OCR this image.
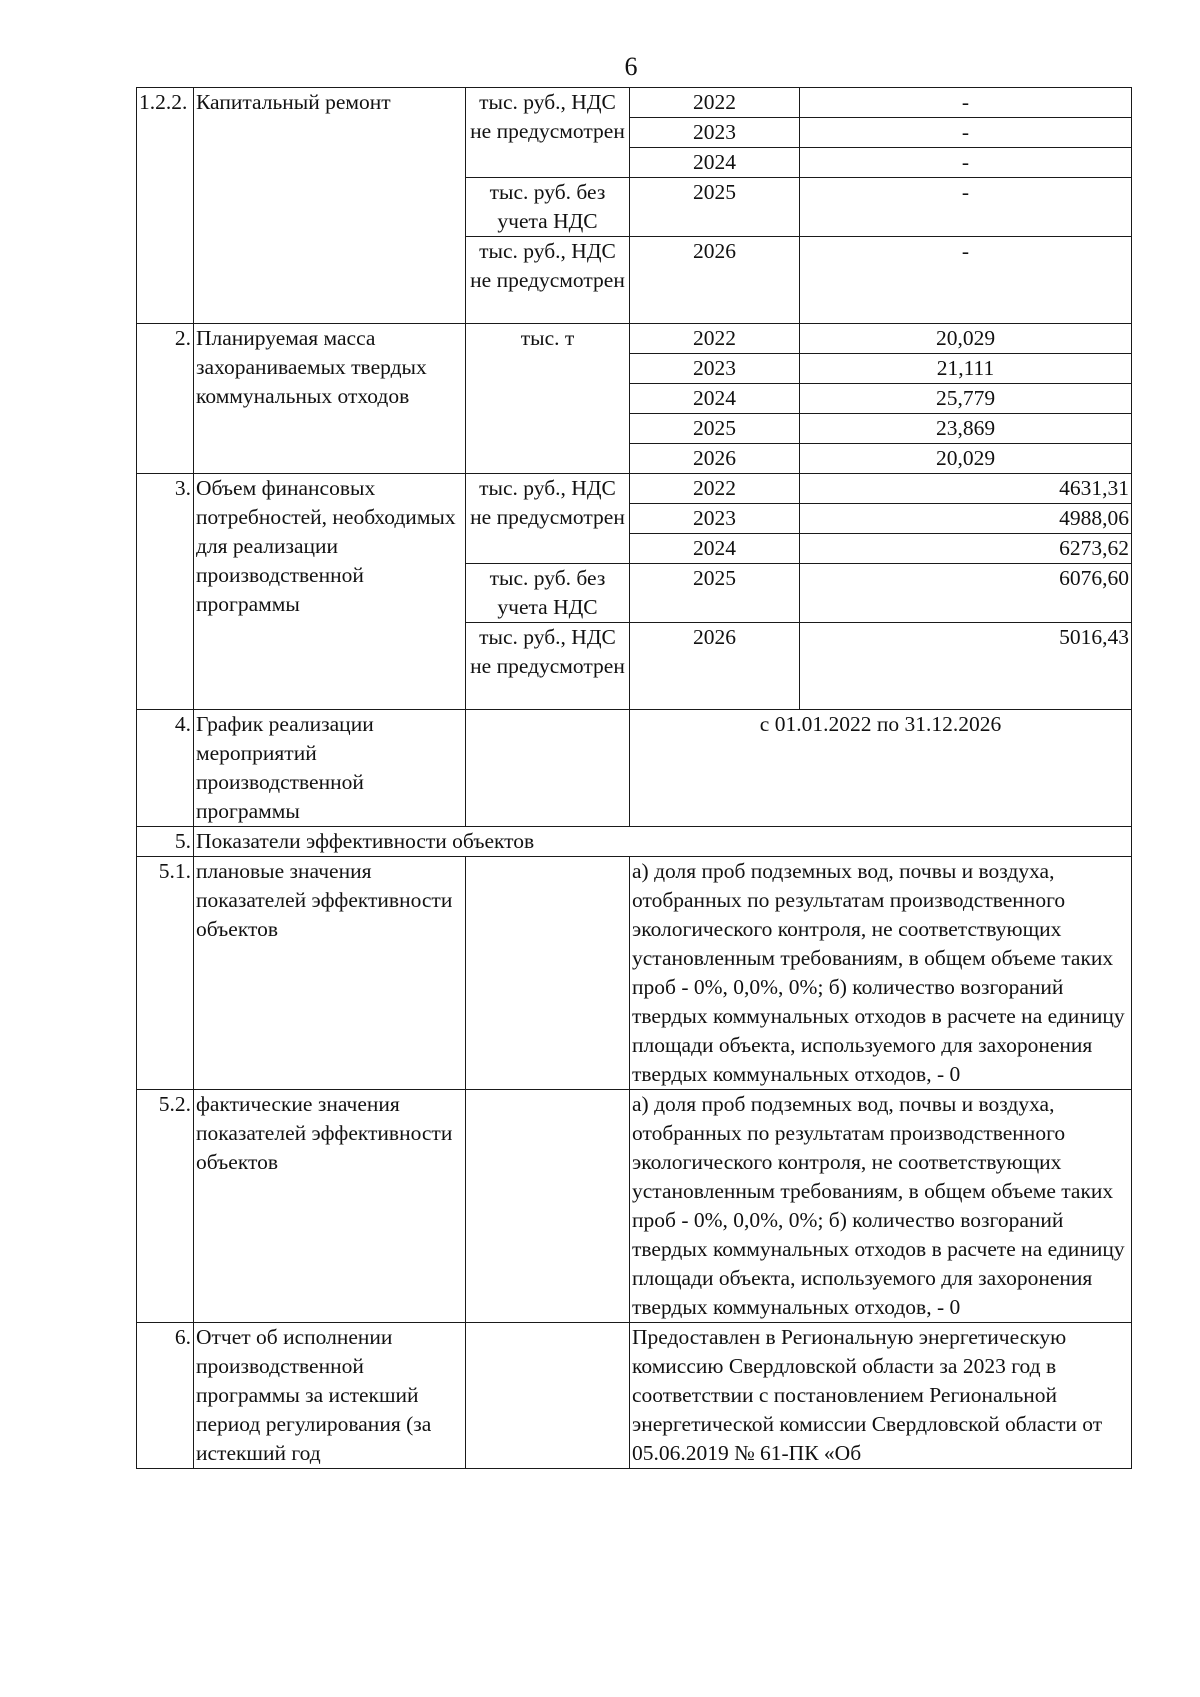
6
1.2.2.	Капитальный ремонт	тыс. руб., НДС не предусмотрен	2022	-
			2023	-
			2024	-
		тыс. руб. без учета НДС	2025	-
		тыс. руб., НДС не предусмотрен	2026	-
2.	Планируемая масса захораниваемых твердых коммунальных отходов	тыс. т	2022	20,029
			2023	21,111
			2024	25,779
			2025	23,869
			2026	20,029
3.	Объем финансовых потребностей, необходимых для реализации производственной программы	тыс. руб., НДС не предусмотрен	2022	4631,31
			2023	4988,06
			2024	6273,62
		тыс. руб. без учета НДС	2025	6076,60
		тыс. руб., НДС не предусмотрен	2026	5016,43
4.	График реализации мероприятий производственной программы		с 01.01.2022 по 31.12.2026	
5.	Показатели эффективности объектов			
5.1.	плановые значения показателей эффективности объектов		а) доля проб подземных вод, почвы и воздуха, отобранных по результатам производственного экологического контроля, не соответствующих установленным требованиям, в общем объеме таких проб - 0%, 0,0%, 0%; б) количество возгораний твердых коммунальных отходов в расчете на единицу площади объекта, используемого для захоронения твердых коммунальных отходов, - 0	
5.2.	фактические значения показателей эффективности объектов		а) доля проб подземных вод, почвы и воздуха, отобранных по результатам производственного экологического контроля, не соответствующих установленным требованиям, в общем объеме таких проб - 0%, 0,0%, 0%; б) количество возгораний твердых коммунальных отходов в расчете на единицу площади объекта, используемого для захоронения твердых коммунальных отходов, - 0	
6.	Отчет об исполнении производственной программы за истекший период регулирования (за истекший год		Предоставлен в Региональную энергетическую комиссию Свердловской области за 2023 год в соответствии с постановлением Региональной энергетической комиссии Свердловской области от 05.06.2019 № 61-ПК «Об	
